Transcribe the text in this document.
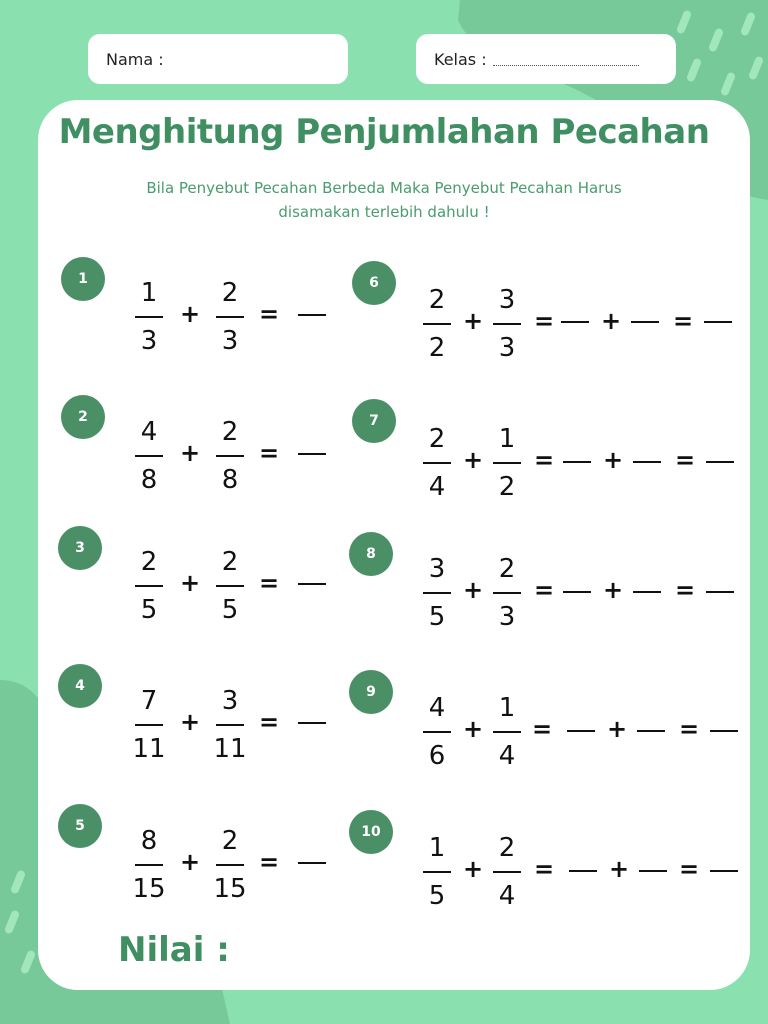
Nama :	Kelas :
Menghitung Penjumlahan Pecahan
Bila Penyebut Pecahan Berbeda Maka Penyebut Pecahan Harus
disamakan terlebih dahulu !
1	1
3
+
2
3
=
2	4
8
+
2
8
=
3	2
5
+
2
5
=
4	7
11
+
3
11
=
5	8
15
+
2
15
=
6
2
2
+
3
3
= + =
7
2
4
+
1
2
= + =
8	3
5
+
2
3
= + =
9
4
6
+
1
4
= + =
10
1
5
+
2
4
= + =
Nilai :
